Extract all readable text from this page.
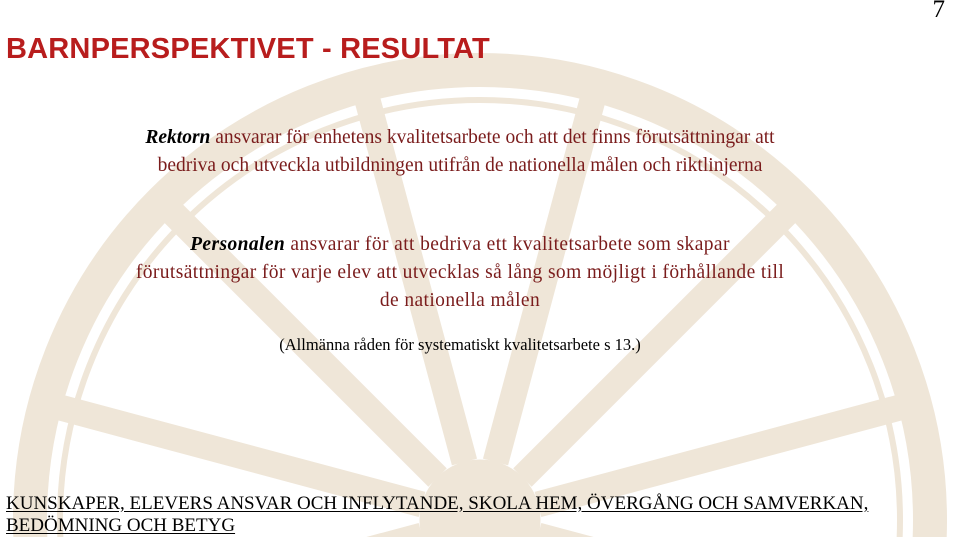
7
BARNPERSPEKTIVET - RESULTAT
Rektorn ansvarar för enhetens kvalitetsarbete och att det finns förutsättningar att bedriva och utveckla utbildningen utifrån de nationella målen och riktlinjerna
Personalen ansvarar för att bedriva ett kvalitetsarbete som skapar förutsättningar för varje elev att utvecklas så lång som möjligt i förhållande till de nationella målen
(Allmänna råden för systematiskt kvalitetsarbete s 13.)
KUNSKAPER, ELEVERS ANSVAR OCH INFLYTANDE, SKOLA HEM, ÖVERGÅNG OCH SAMVERKAN, BEDÖMNING OCH BETYG
